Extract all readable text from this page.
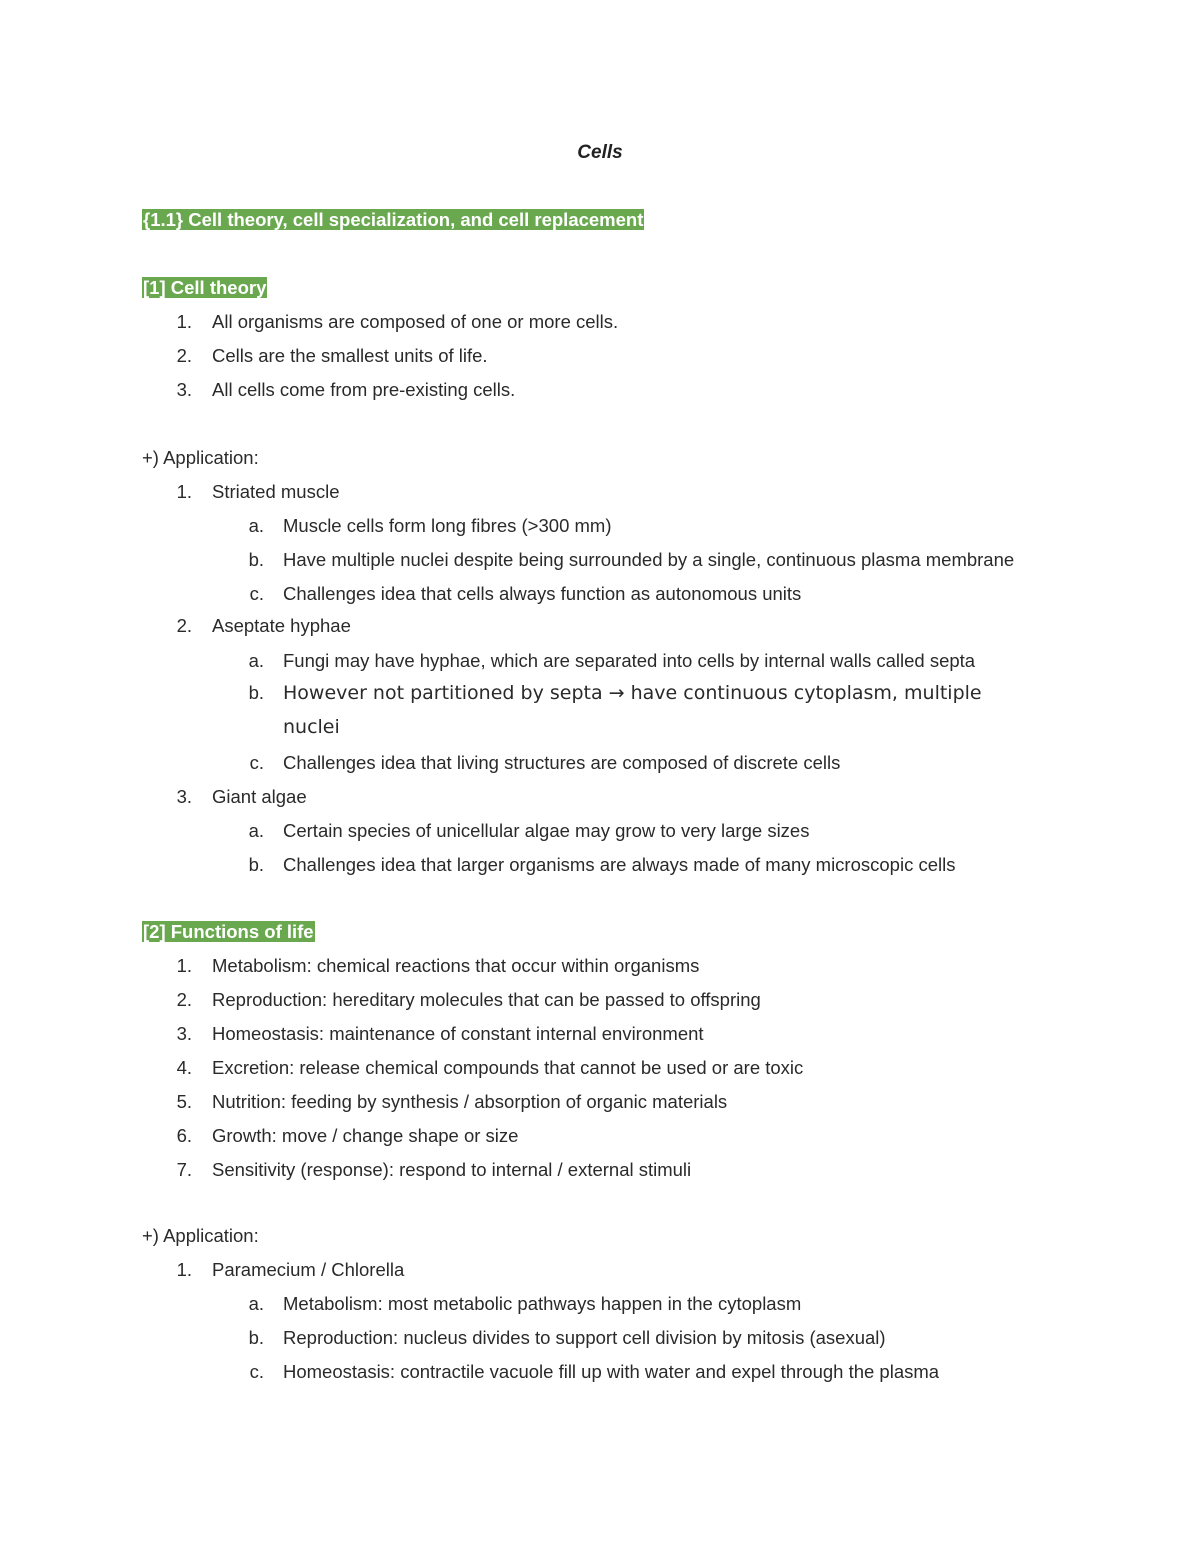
Cells
{1.1} Cell theory, cell specialization, and cell replacement
[1] Cell theory
1. All organisms are composed of one or more cells.
2. Cells are the smallest units of life.
3. All cells come from pre-existing cells.
+) Application:
1. Striated muscle
a. Muscle cells form long fibres (>300 mm)
b. Have multiple nuclei despite being surrounded by a single, continuous plasma membrane
c. Challenges idea that cells always function as autonomous units
2. Aseptate hyphae
a. Fungi may have hyphae, which are separated into cells by internal walls called septa
b. However not partitioned by septa → have continuous cytoplasm, multiple
nuclei
c. Challenges idea that living structures are composed of discrete cells
3. Giant algae
a. Certain species of unicellular algae may grow to very large sizes
b. Challenges idea that larger organisms are always made of many microscopic cells
[2] Functions of life
1. Metabolism: chemical reactions that occur within organisms
2. Reproduction: hereditary molecules that can be passed to offspring
3. Homeostasis: maintenance of constant internal environment
4. Excretion: release chemical compounds that cannot be used or are toxic
5. Nutrition: feeding by synthesis / absorption of organic materials
6. Growth: move / change shape or size
7. Sensitivity (response): respond to internal / external stimuli
+) Application:
1. Paramecium / Chlorella
a. Metabolism: most metabolic pathways happen in the cytoplasm
b. Reproduction: nucleus divides to support cell division by mitosis (asexual)
c. Homeostasis: contractile vacuole fill up with water and expel through the plasma
